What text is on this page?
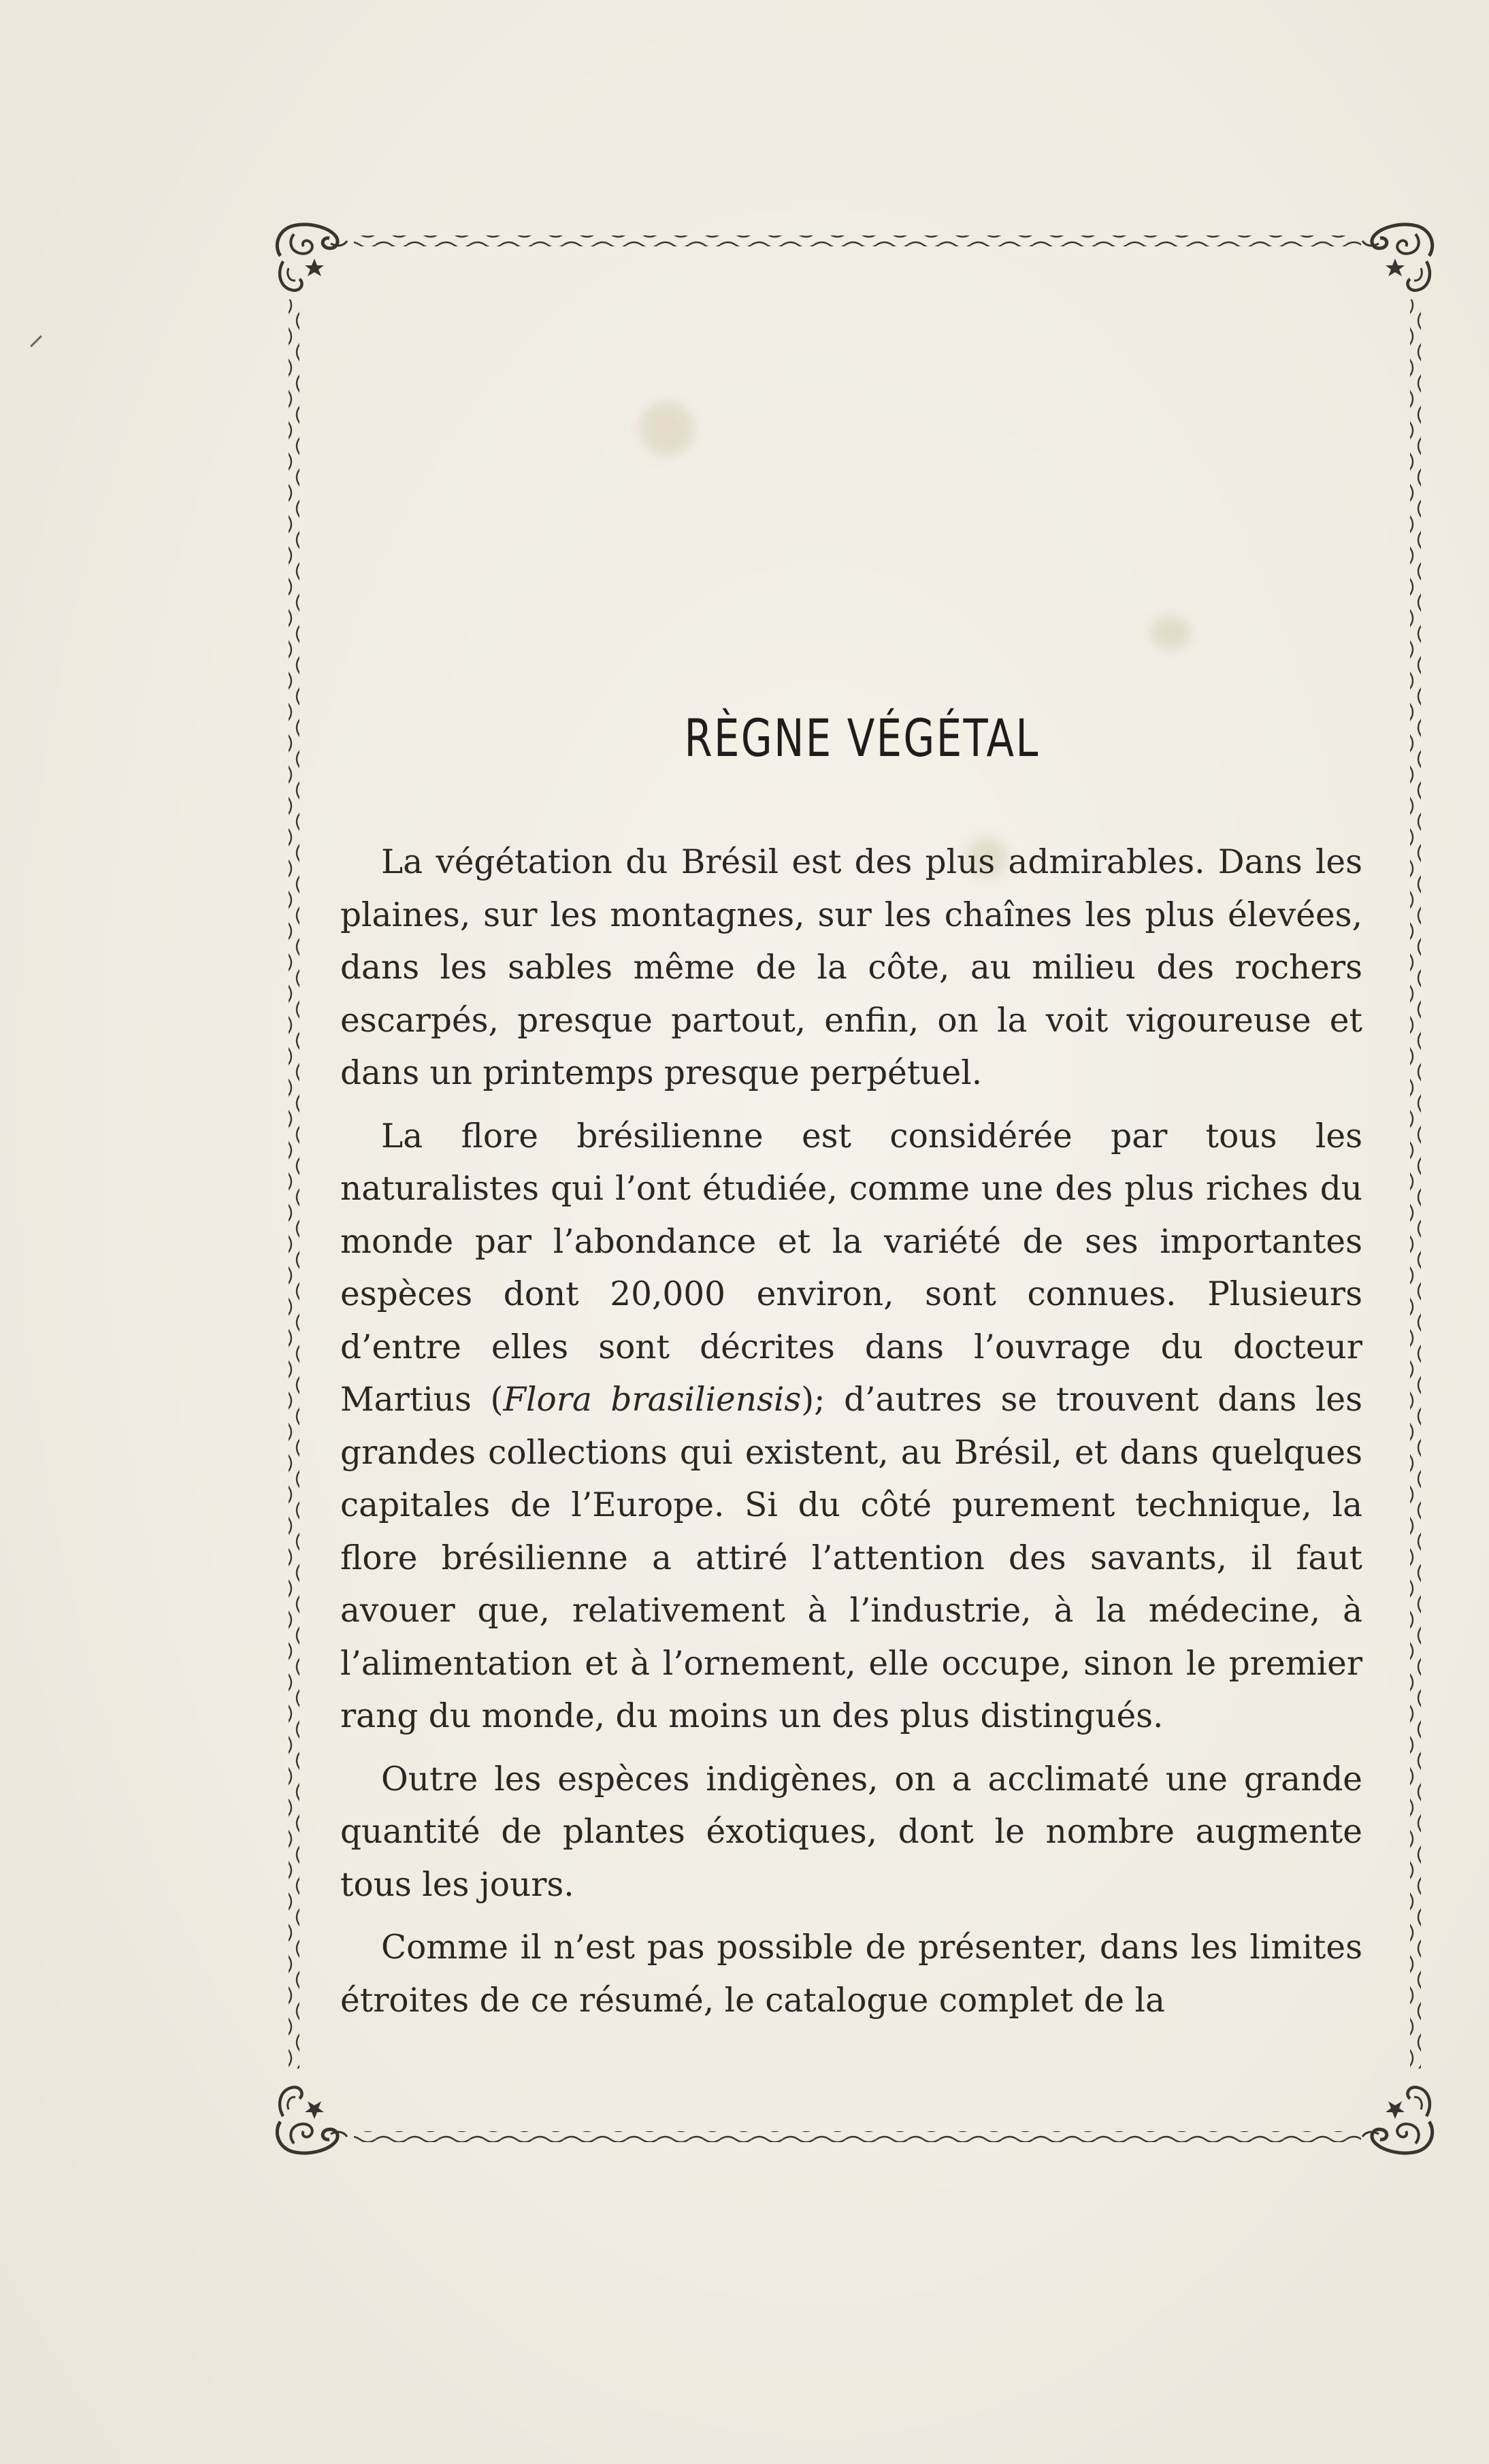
RÈGNE VÉGÉTAL

La végétation du Brésil est des plus admirables. Dans les plaines, sur les montagnes, sur les chaînes les plus élevées, dans les sables même de la côte, au milieu des rochers escarpés, presque partout, enfin, on la voit vigoureuse et dans un printemps presque perpétuel.

La flore brésilienne est considérée par tous les naturalistes qui l’ont étudiée, comme une des plus riches du monde par l’abondance et la variété de ses importantes espèces dont 20,000 environ, sont connues. Plusieurs d’entre elles sont décrites dans l’ouvrage du docteur Martius (Flora brasiliensis); d’autres se trouvent dans les grandes collections qui existent, au Brésil, et dans quelques capitales de l’Europe. Si du côté purement technique, la flore brésilienne a attiré l’attention des savants, il faut avouer que, relativement à l’industrie, à la médecine, à l’alimentation et à l’ornement, elle occupe, sinon le premier rang du monde, du moins un des plus distingués.

Outre les espèces indigènes, on a acclimaté une grande quantité de plantes éxotiques, dont le nombre augmente tous les jours.

Comme il n’est pas possible de présenter, dans les limites étroites de ce résumé, le catalogue complet de la
